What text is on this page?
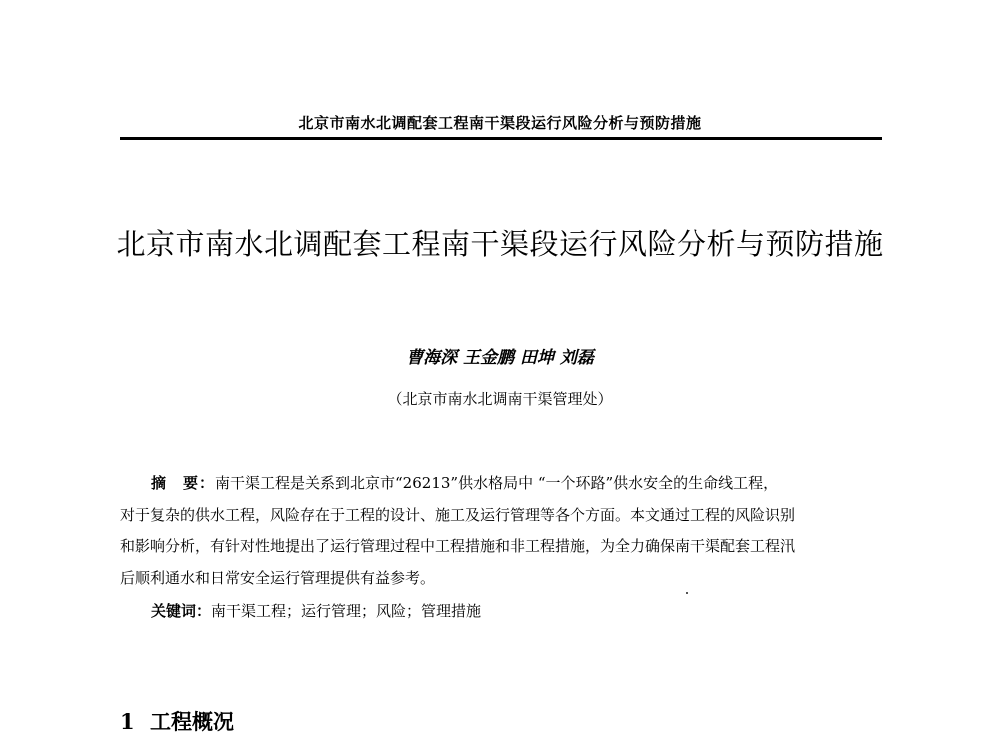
北京市南水北调配套工程南干渠段运行风险分析与预防措施
北京市南水北调配套工程南干渠段运行风险分析与预防措施
曹海深 王金鹏 田坤 刘磊
（北京市南水北调南干渠管理处）
摘　要：南干渠工程是关系到北京市“26213”供水格局中 “一个环路”供水安全的生命线工程，
对于复杂的供水工程，风险存在于工程的设计、施工及运行管理等各个方面。本文通过工程的风险识别
和影响分析，有针对性地提出了运行管理过程中工程措施和非工程措施，为全力确保南干渠配套工程汛
后顺利通水和日常安全运行管理提供有益参考。
关键词：南干渠工程；运行管理；风险；管理措施
1 工程概况
